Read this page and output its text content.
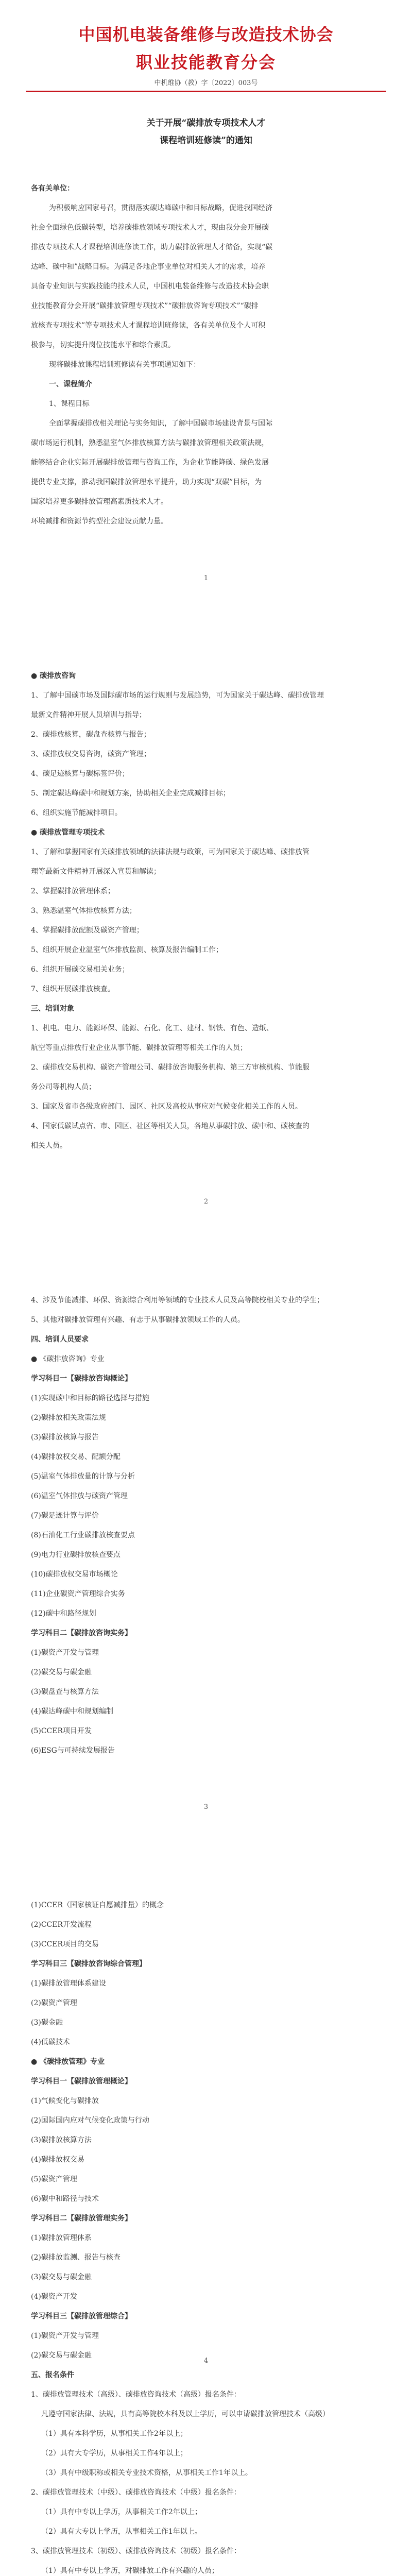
中国机电装备维修与改造技术协会
职业技能教育分会
中机维协（教）字〔2022〕003号
关于开展“碳排放专项技术人才
课程培训班修读”的通知
各有关单位：
为积极响应国家号召，贯彻落实碳达峰碳中和目标战略，促进我国经济
社会全面绿色低碳转型，培养碳排放领域专项技术人才，现由我分会开展碳
排放专项技术人才课程培训班修读工作，助力碳排放管理人才储备，实现“碳
达峰、碳中和”战略目标。为满足各地企事业单位对相关人才的需求，培养
具备专业知识与实践技能的技术人员，中国机电装备维修与改造技术协会职
业技能教育分会开展“碳排放管理专项技术”“碳排放咨询专项技术”“碳排
放核查专项技术”等专项技术人才课程培训班修读，各有关单位及个人可积
极参与，切实提升岗位技能水平和综合素质。
现将碳排放课程培训班修读有关事项通知如下：
一、课程简介
1、课程目标
全面掌握碳排放相关理论与实务知识，了解中国碳市场建设背景与国际
碳市场运行机制，熟悉温室气体排放核算方法与碳排放管理相关政策法规，
能够结合企业实际开展碳排放管理与咨询工作，为企业节能降碳、绿色发展
提供专业支撑，推动我国碳排放管理水平提升，助力实现“双碳”目标，为
国家培养更多碳排放管理高素质技术人才。
环境减排和资源节约型社会建设贡献力量。
● 碳排放咨询
1、了解中国碳市场及国际碳市场的运行规则与发展趋势，可为国家关于碳达峰、碳排放管理
最新文件精神开展人员培训与指导；
2、碳排放核算，碳盘查核算与报告；
3、碳排放权交易咨询，碳资产管理；
4、碳足迹核算与碳标签评价；
5、制定碳达峰碳中和规划方案，协助相关企业完成减排目标；
6、组织实施节能减排项目。
● 碳排放管理专项技术
1、了解和掌握国家有关碳排放领域的法律法规与政策，可为国家关于碳达峰、碳排放管
理等最新文件精神开展深入宣贯和解读；
2、掌握碳排放管理体系；
3、熟悉温室气体排放核算方法；
4、掌握碳排放配额及碳资产管理；
5、组织开展企业温室气体排放监测、核算及报告编制工作；
6、组织开展碳交易相关业务；
7、组织开展碳排放核查。
三、培训对象
1、机电、电力、能源环保、能源、石化、化工、建材、钢铁、有色、造纸、
航空等重点排放行业企业从事节能、碳排放管理等相关工作的人员；
2、碳排放交易机构、碳资产管理公司、碳排放咨询服务机构、第三方审核机构、节能服
务公司等机构人员；
3、国家及省市各级政府部门、园区、社区及高校从事应对气候变化相关工作的人员。
4、国家低碳试点省、市、园区、社区等相关人员，各地从事碳排放、碳中和、碳核查的
相关人员。
4、涉及节能减排、环保、资源综合利用等领域的专业技术人员及高等院校相关专业的学生；
5、其他对碳排放管理有兴趣、有志于从事碳排放领域工作的人员。
四、培训人员要求
● 《碳排放咨询》专业
学习科目一【碳排放咨询概论】
(1)实现碳中和目标的路径选择与措施
(2)碳排放相关政策法规
(3)碳排放核算与报告
(4)碳排放权交易、配额分配
(5)温室气体排放量的计算与分析
(6)温室气体排放与碳资产管理
(7)碳足迹计算与评价
(8)石油化工行业碳排放核查要点
(9)电力行业碳排放核查要点
(10)碳排放权交易市场概论
(11)企业碳资产管理综合实务
(12)碳中和路径规划
学习科目二【碳排放咨询实务】
(1)碳资产开发与管理
(2)碳交易与碳金融
(3)碳盘查与核算方法
(4)碳达峰碳中和规划编制
(5)CCER项目开发
(6)ESG与可持续发展报告
(1)CCER（国家核证自愿减排量）的概念
(2)CCER开发流程
(3)CCER项目的交易
学习科目三【碳排放咨询综合管理】
(1)碳排放管理体系建设
(2)碳资产管理
(3)碳金融
(4)低碳技术
● 《碳排放管理》专业
学习科目一【碳排放管理概论】
(1)气候变化与碳排放
(2)国际国内应对气候变化政策与行动
(3)碳排放核算方法
(4)碳排放权交易
(5)碳资产管理
(6)碳中和路径与技术
学习科目二【碳排放管理实务】
(1)碳排放管理体系
(2)碳排放监测、报告与核查
(3)碳交易与碳金融
(4)碳资产开发
学习科目三【碳排放管理综合】
(1)碳资产开发与管理
(2)碳交易与碳金融
五、报名条件
1、碳排放管理技术（高级）、碳排放咨询技术（高级）报名条件：
凡遵守国家法律、法规，具有高等院校本科及以上学历，可以申请碳排放管理技术（高级）
（1）具有本科学历，从事相关工作2年以上；
（2）具有大专学历，从事相关工作4年以上；
（3）具有中级职称或相关专业技术资格，从事相关工作1年以上。
2、碳排放管理技术（中级）、碳排放咨询技术（中级）报名条件：
（1）具有中专以上学历，从事相关工作2年以上；
（2）具有大专以上学历，从事相关工作1年以上。
3、碳排放管理技术（初级）、碳排放咨询技术（初级）报名条件：
（1）具有中专以上学历，对碳排放工作有兴趣的人员；
1
2
3
4
